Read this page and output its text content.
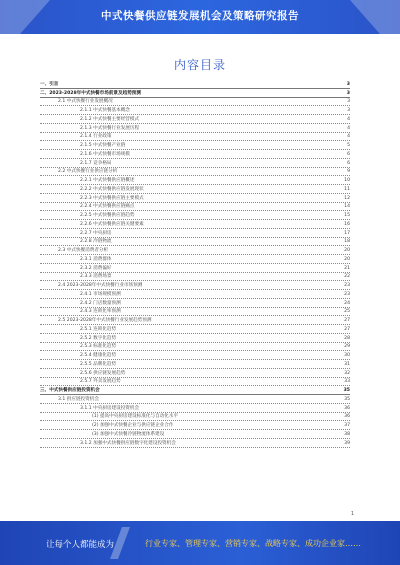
中式快餐供应链发展机会及策略研究报告
内容目录
一、引言	3
二、2023-2028年中式快餐市场前景及趋势预测	3
2.1 中式快餐行业发展概况	3
2.1.1 中式快餐基本概念	3
2.1.2 中式快餐主要经营模式	4
2.1.3 中式快餐行业发展历程	4
2.1.4 行业政策	4
2.1.5 中式快餐产业链	5
2.1.6 中式快餐市场规模	6
2.1.7 竞争格局	6
2.2 中式快餐行业供应链分析	9
2.2.1 中式快餐供应链概述	10
2.2.2 中式快餐供应链发展现状	11
2.2.3 中式快餐供应链主要模式	12
2.2.4 中式快餐供应链痛点	14
2.2.5 中式快餐供应链趋势	15
2.2.6 中式快餐供应链关键要素	16
2.2.7 中央厨房	17
2.2.8 冷链物流	18
2.3 中式快餐消费者分析	20
2.3.1 消费群体	20
2.3.2 消费偏好	21
2.3.3 消费场景	22
2.4 2023-2028年中式快餐行业市场预测	23
2.4.1 市场规模预测	23
2.4.2 门店数量预测	24
2.4.3 连锁化率预测	25
2.5 2023-2028年中式快餐行业发展趋势预测	27
2.5.1 连锁化趋势	27
2.5.2 数字化趋势	28
2.5.3 标准化趋势	29
2.5.4 健康化趋势	30
2.5.5 品牌化趋势	31
2.5.6 供应链发展趋势	32
2.5.7 外卖发展趋势	33
三、中式快餐供应链投资机会	35
3.1 供应链投资机会	35
3.1.1 中央厨房建设投资机会	36
(1) 提高中央厨房建设标准化与自动化水平	36
(2) 加强中式快餐企业与供应链企业合作	37
(3) 加强中式快餐冷链物流体系建设	38
3.1.2 加强中式快餐供应链数字化建设投资机会	39
1
让每个人都能成为	行业专家、管理专家、营销专家、战略专家、成功企业家……
